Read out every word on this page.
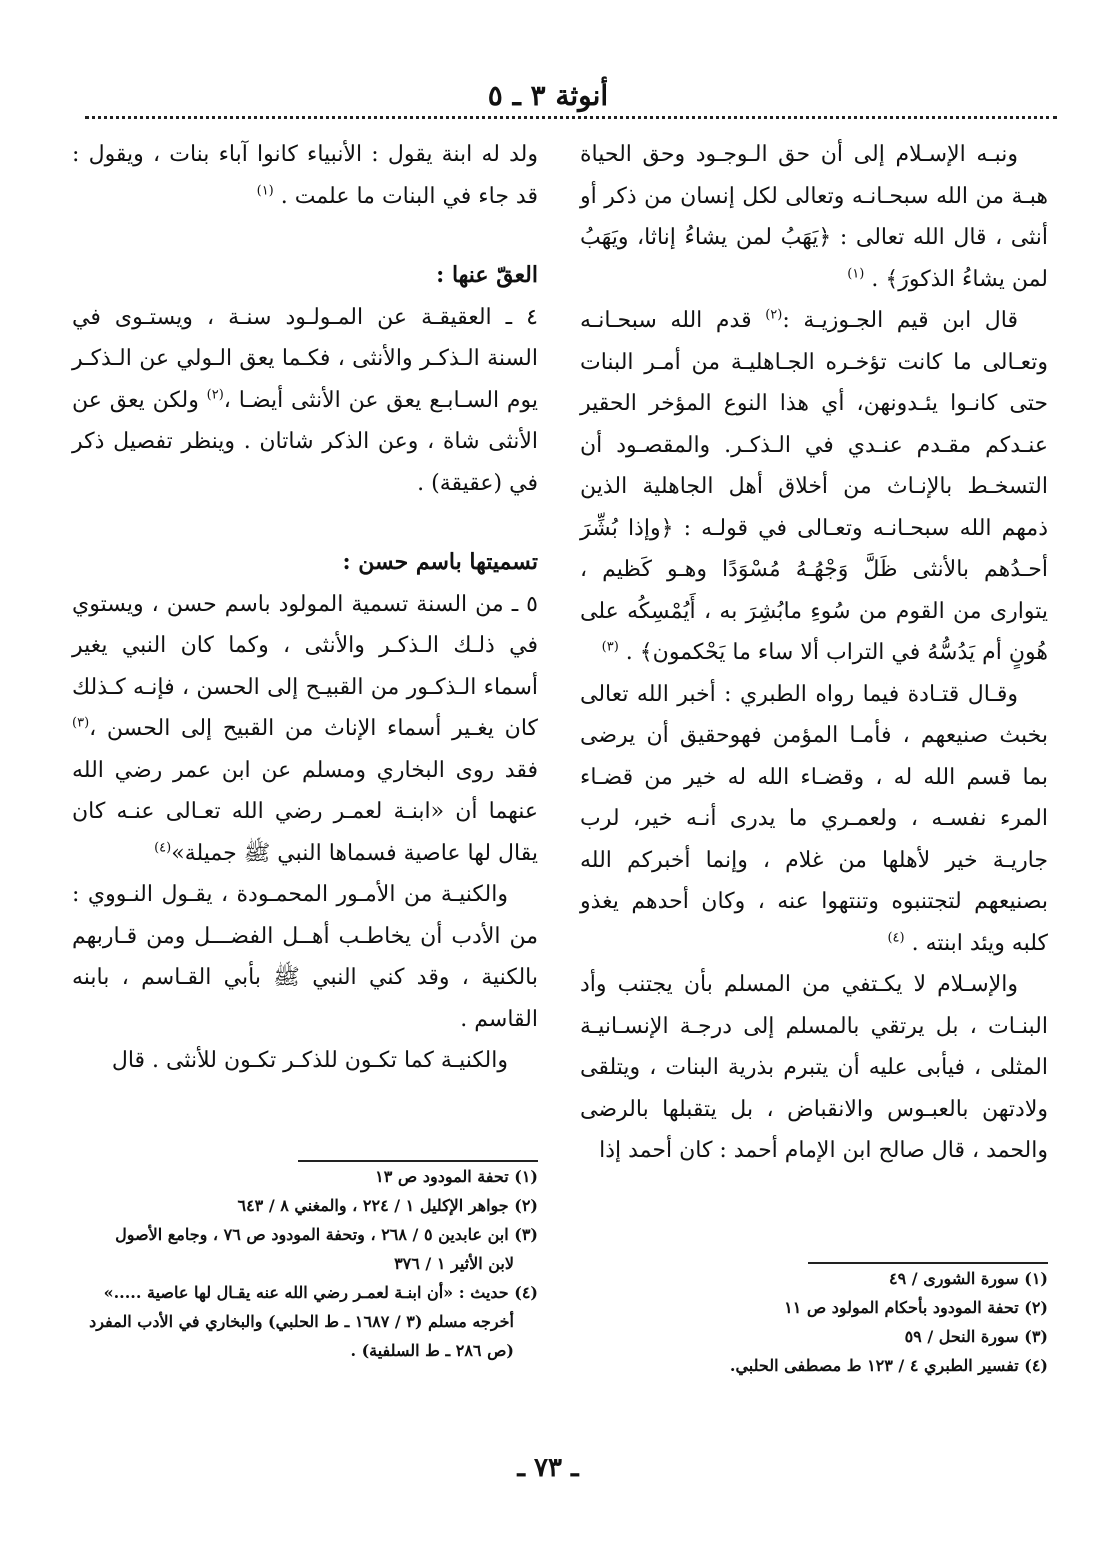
أنوثة ٣ ـ ٥

ونبـه الإسـلام إلى أن حق الـوجـود وحق الحياة هبـة من الله سبحـانـه وتعالى لكل إنسان من ذكر أو أنثى ، قال الله تعالى : ﴿يَهَبُ لمن يشاءُ إناثا، ويَهَبُ لمن يشاءُ الذكورَ﴾ . $^{(١)}$

قال ابن قيم الجـوزيـة :$^{(٢)}$ قدم الله سبحـانـه وتعـالى ما كانت تؤخـره الجـاهليـة من أمـر البنات حتى كانـوا يئـدونهن، أي هذا النوع المؤخر الحقير عنـدكم مقـدم عنـدي في الـذكـر. والمقصـود أن التسخـط بالإنـاث من أخلاق أهل الجاهلية الذين ذمهم الله سبحـانـه وتعـالى في قولـه : ﴿وإذا بُشِّرَ أحـدُهم بالأنثى ظَلَّ وَجْهُـهُ مُسْوَدًا وهـو كَظيم ، يتوارى من القوم من سُوءِ مابُشِرَ به ، أَيُمْسِكُه على هُونٍ أم يَدُسُّهُ في التراب ألا ساء ما يَحْكمون﴾ . $^{(٣)}$

وقـال قتـادة فيما رواه الطبري : أخبر الله تعالى بخبث صنيعهم ، فأمـا المؤمن فهوحقيق أن يرضى بما قسم الله له ، وقضـاء الله له خير من قضـاء المرء نفسـه ، ولعمـري ما يدرى أنـه خير، لرب جاريـة خير لأهلها من غلام ، وإنما أخبركم الله بصنيعهم لتجتنبوه وتنتهوا عنه ، وكان أحدهم يغذو كلبه ويئد ابنته . $^{(٤)}$

والإسـلام لا يكـتفي من المسلم بأن يجتنب وأد البنـات ، بل يرتقي بالمسلم إلى درجـة الإنسـانيـة المثلى ، فيأبى عليه أن يتبرم بذرية البنات ، ويتلقى ولادتهن بالعبـوس والانقباض ، بل يتقبلها بالرضى والحمد ، قال صالح ابن الإمام أحمد : كان أحمد إذا

(١) سورة الشورى / ٤٩

(٢) تحفة المودود بأحكام المولود ص ١١

(٣) سورة النحل / ٥٩

(٤) تفسير الطبري ٤ / ١٢٣ ط مصطفى الحلبي.

ولد له ابنة يقول : الأنبياء كانوا آباء بنات ، ويقول : قد جاء في البنات ما علمت . $^{(١)}$

العقّ عنها :

٤ ـ العقيقـة عن المـولـود سنـة ، ويستـوى في السنة الـذكـر والأنثى ، فكـما يعق الـولي عن الـذكـر يوم السـابـع يعق عن الأنثى أيضـا ،$^{(٢)}$ ولكن يعق عن الأنثى شاة ، وعن الذكر شاتان . وينظر تفصيل ذكر في (عقيقة) .

تسميتها باسم حسن :

٥ ـ من السنة تسمية المولود باسم حسن ، ويستوي في ذلـك الـذكـر والأنثى ، وكما كان النبي يغير أسماء الـذكـور من القبيـح إلى الحسن ، فإنـه كـذلك كان يغـير أسماء الإناث من القبيح إلى الحسن ،$^{(٣)}$ فقد روى البخاري ومسلم عن ابن عمر رضي الله عنهما أن «ابنـة لعمـر رضي الله تعـالى عنـه كان يقال لها عاصية فسماها النبي ﷺ جميلة»$^{(٤)}$

والكنيـة من الأمـور المحمـودة ، يقـول النـووي : من الأدب أن يخاطـب أهــل الفضـــل ومن قـاربهم بالكنية ، وقد كني النبي ﷺ بأبي القـاسم ، بابنه القاسم .

والكنيـة كما تكـون للذكـر تكـون للأنثى . قال

(١) تحفة المودود ص ١٣

(٢) جواهر الإكليل ١ / ٢٢٤ ، والمغني ٨ / ٦٤٣

(٣) ابن عابدين ٥ / ٢٦٨ ، وتحفة المودود ص ٧٦ ، وجامع الأصول

لابن الأثير ١ / ٣٧٦

(٤) حديث : «أن ابنـة لعمـر رضي الله عنه يقـال لها عاصية .....»

أخرجه مسلم (٣ / ١٦٨٧ ـ ط الحلبي) والبخاري في الأدب المفرد

(ص ٢٨٦ ـ ط السلفية) .

ـ ٧٣ ـ
